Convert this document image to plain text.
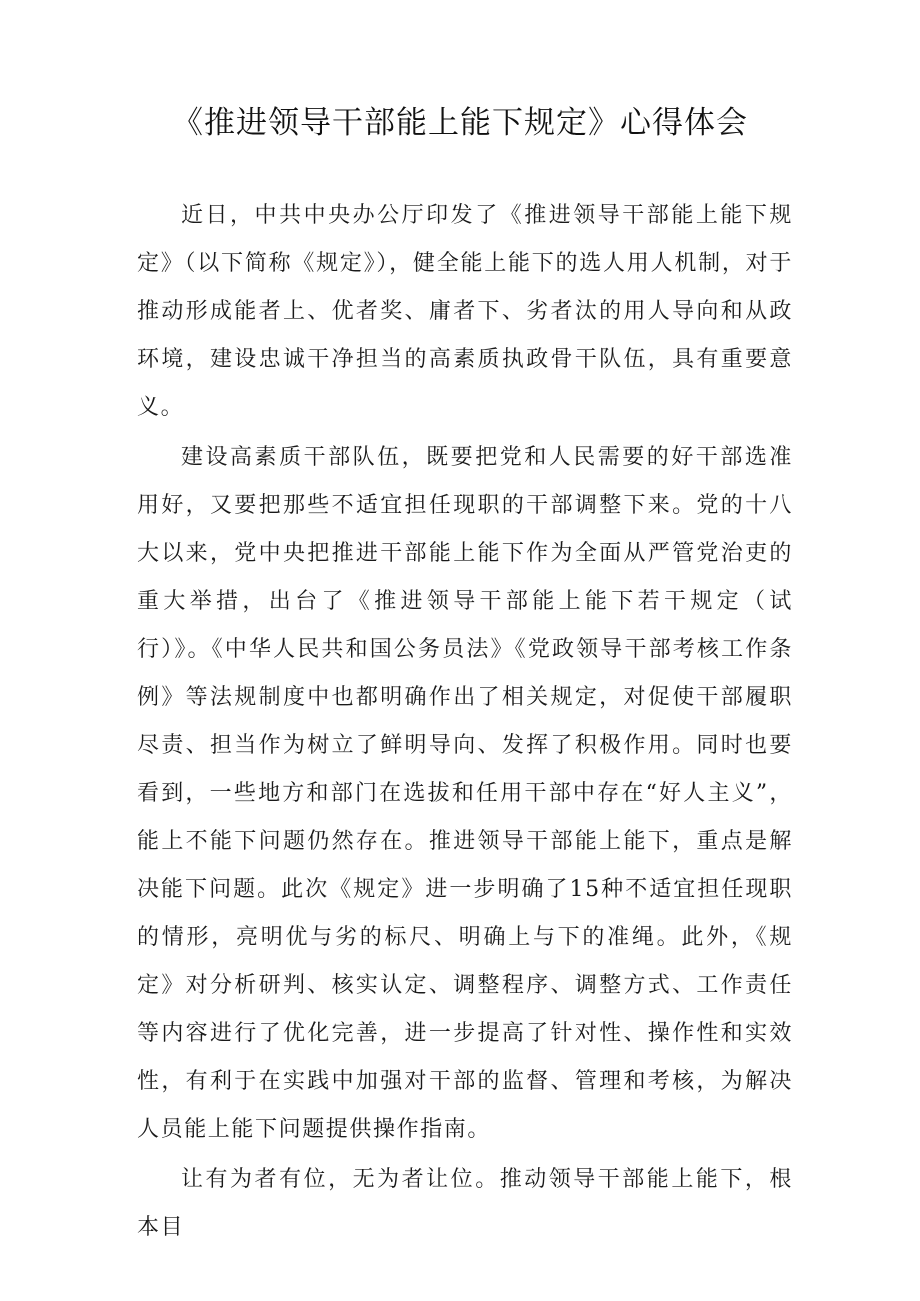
《推进领导干部能上能下规定》心得体会

近日，中共中央办公厅印发了《推进领导干部能上能下规定》（以下简称《规定》），健全能上能下的选人用人机制，对于推动形成能者上、优者奖、庸者下、劣者汰的用人导向和从政环境，建设忠诚干净担当的高素质执政骨干队伍，具有重要意义。

建设高素质干部队伍，既要把党和人民需要的好干部选准用好，又要把那些不适宜担任现职的干部调整下来。党的十八大以来，党中央把推进干部能上能下作为全面从严管党治吏的重大举措，出台了《推进领导干部能上能下若干规定（试行）》。《中华人民共和国公务员法》《党政领导干部考核工作条例》等法规制度中也都明确作出了相关规定，对促使干部履职尽责、担当作为树立了鲜明导向、发挥了积极作用。同时也要看到，一些地方和部门在选拔和任用干部中存在“好人主义”，能上不能下问题仍然存在。推进领导干部能上能下，重点是解决能下问题。此次《规定》进一步明确了15种不适宜担任现职的情形，亮明优与劣的标尺、明确上与下的准绳。此外，《规定》对分析研判、核实认定、调整程序、调整方式、工作责任等内容进行了优化完善，进一步提高了针对性、操作性和实效性，有利于在实践中加强对干部的监督、管理和考核，为解决人员能上能下问题提供操作指南。

让有为者有位，无为者让位。推动领导干部能上能下，根本目
